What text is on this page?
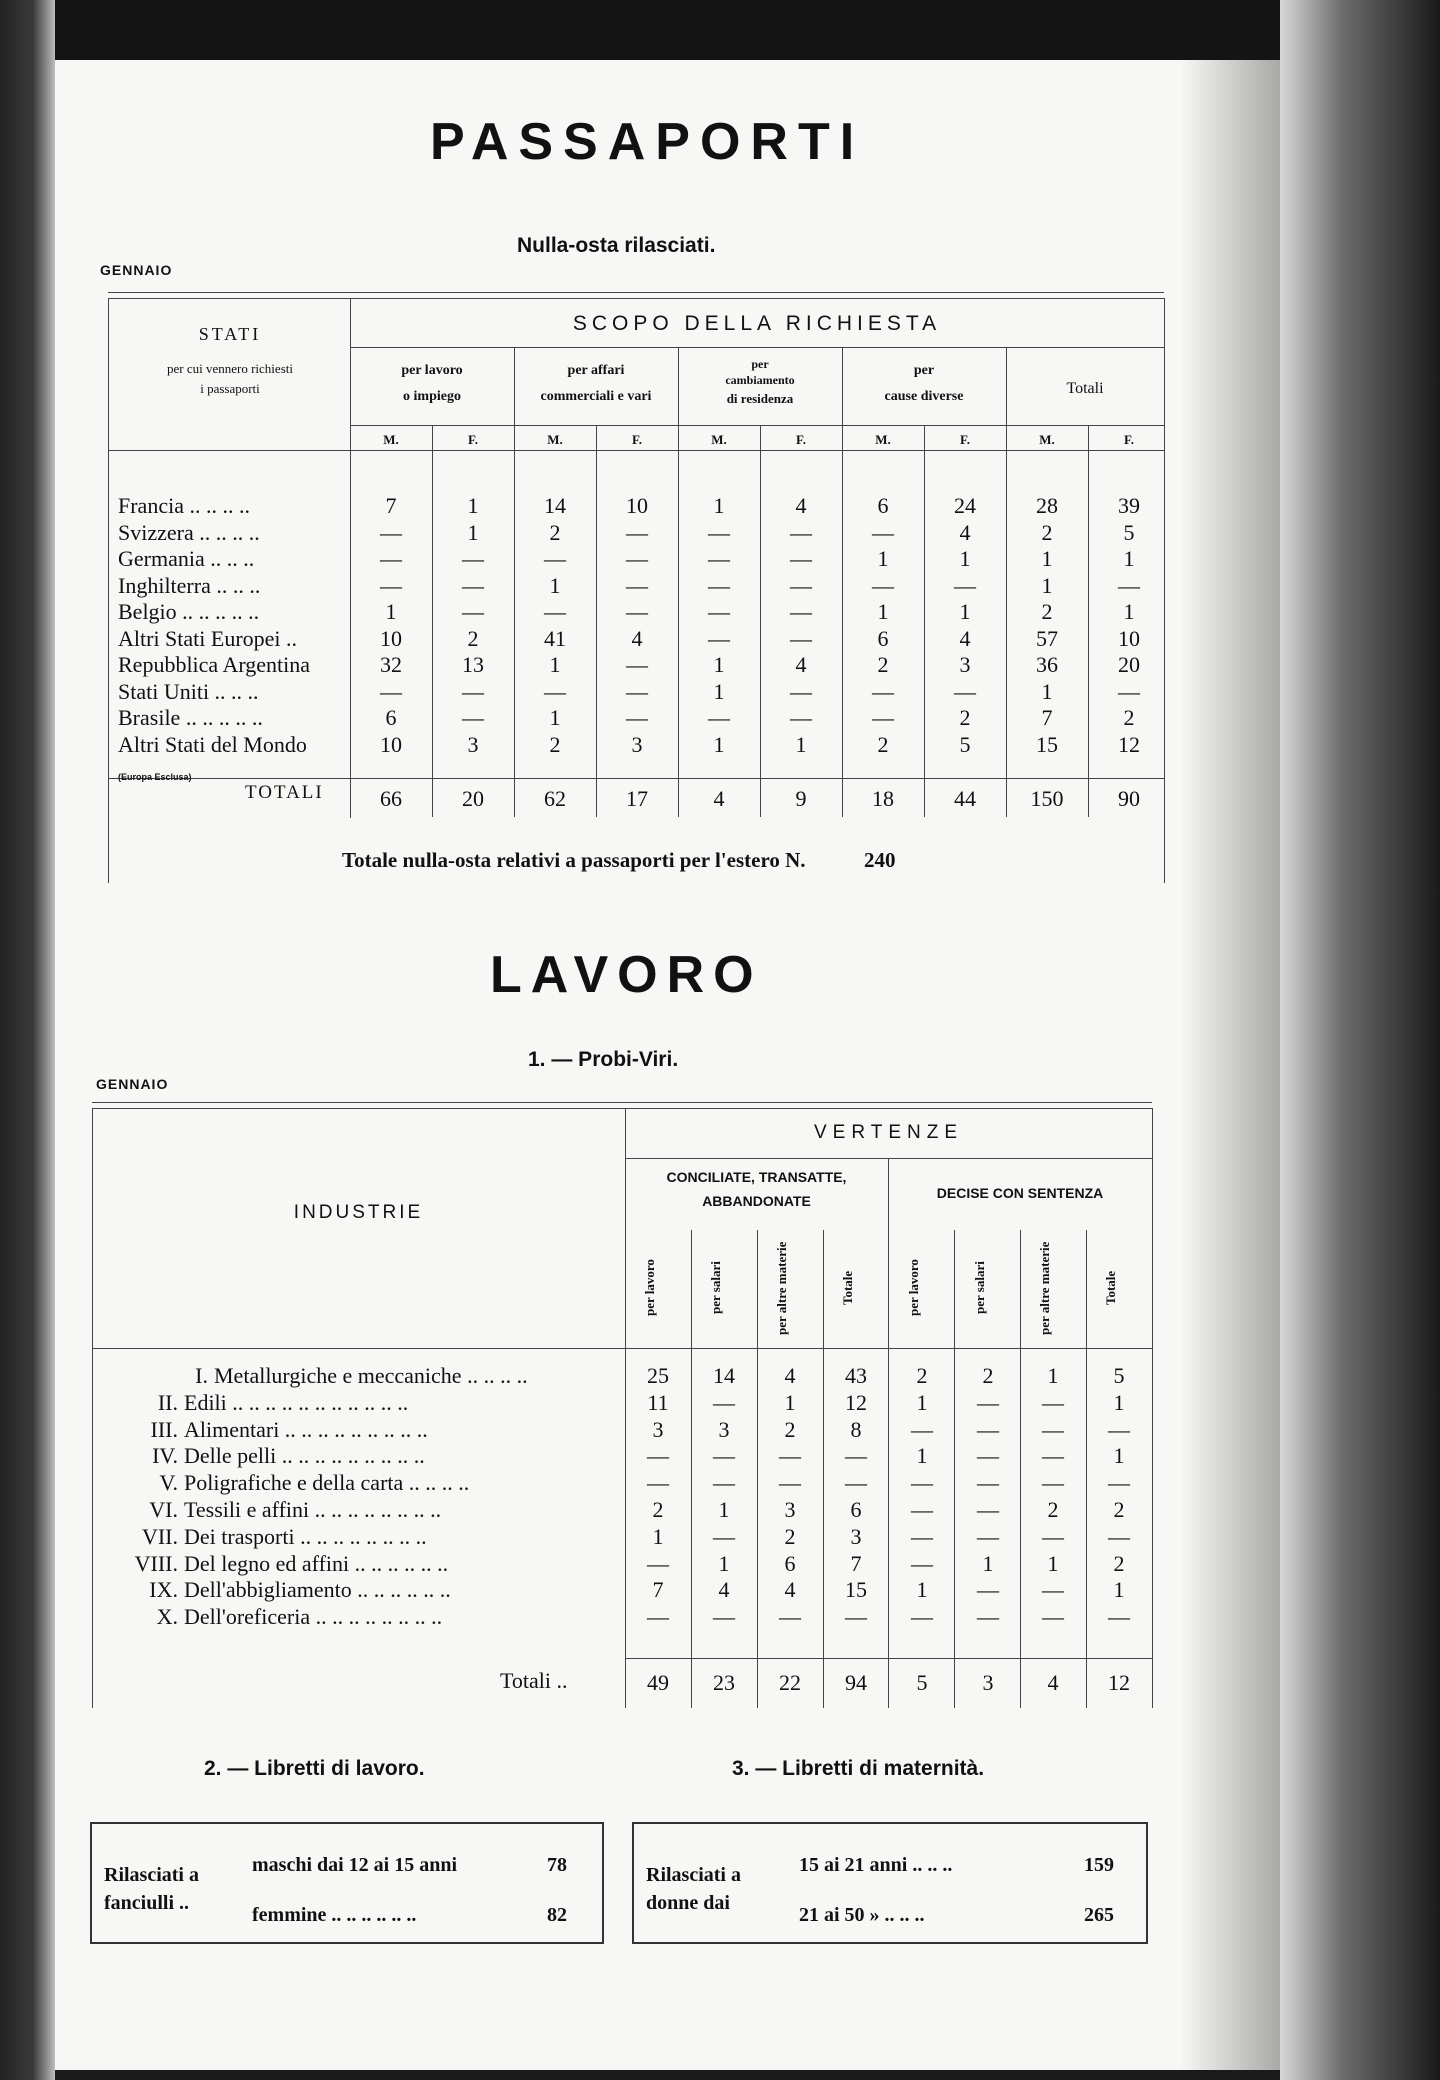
PASSAPORTI
GENNAIO
Nulla-osta rilasciati.
STATI
per cui vennero richiesti
i passaporti
SCOPO DELLA RICHIESTA
per lavoro
o impiego
per affari
commerciali e vari
per
cambiamento
di residenza
per
cause diverse	Totali
M.	F.	M.	F.	M.	F.	M.	F.	M.	F.
Francia .. .. .. ..	7	1	14	10	1	4	6	24	28	39
Svizzera .. .. .. ..	—	1	2	—	—	—	—	4	2	5
Germania .. .. ..	—	—	—	—	—	—	1	1	1	1
Inghilterra .. .. ..	—	—	1	—	—	—	—	—	1	—
Belgio .. .. .. .. ..	1	—	—	—	—	—	1	1	2	1
Altri Stati Europei ..	10	2	41	4	—	—	6	4	57	10
Repubblica Argentina	32	13	1	—	1	4	2	3	36	20
Stati Uniti .. .. ..	—	—	—	—	1	—	—	—	1	—
Brasile .. .. .. .. ..	6	—	1	—	—	—	—	2	7	2
Altri Stati del Mondo	10	3	2	3	1	1	2	5	15	12
(Europa Esclusa)
TOTALI	66	20	62	17	4	9	18	44	150	90
Totale nulla-osta relativi a passaporti per l'estero N.	240
LAVORO
1. — Probi-Viri.
GENNAIO
INDUSTRIE
VERTENZE
CONCILIATE, TRANSATTE,
ABBANDONATE	DECISE CON SENTENZA
per lavoro	per salari	per altre materie	Totale	per lavoro	per salari	per altre materie	Totale
I. Metallurgiche e meccaniche .. .. .. ..	25	14	4	43	2	2	1	5
II. Edili .. .. .. .. .. .. .. .. .. .. ..	11	—	1	12	1	—	—	1
III. Alimentari .. .. .. .. .. .. .. .. ..	3	3	2	8	—	—	—	—
IV. Delle pelli .. .. .. .. .. .. .. .. ..	—	—	—	—	1	—	—	1
V. Poligrafiche e della carta .. .. .. ..	—	—	—	—	—	—	—	—
VI. Tessili e affini .. .. .. .. .. .. .. ..	2	1	3	6	—	—	2	2
VII. Dei trasporti .. .. .. .. .. .. .. ..	1	—	2	3	—	—	—	—
VIII. Del legno ed affini .. .. .. .. .. ..	—	1	6	7	—	1	1	2
IX. Dell'abbigliamento .. .. .. .. .. ..	7	4	4	15	1	—	—	1
X. Dell'oreficeria .. .. .. .. .. .. .. ..	—	—	—	—	—	—	—	—
Totali ..	49	23	22	94	5	3	4	12
2. — Libretti di lavoro.	3. — Libretti di maternità.
Rilasciati a
fanciulli ..
maschi dai 12 ai 15 anni	78
femmine .. .. .. .. .. ..	82
Rilasciati a
donne dai
15 ai 21 anni .. .. ..	159
21 ai 50 » .. .. ..	265
